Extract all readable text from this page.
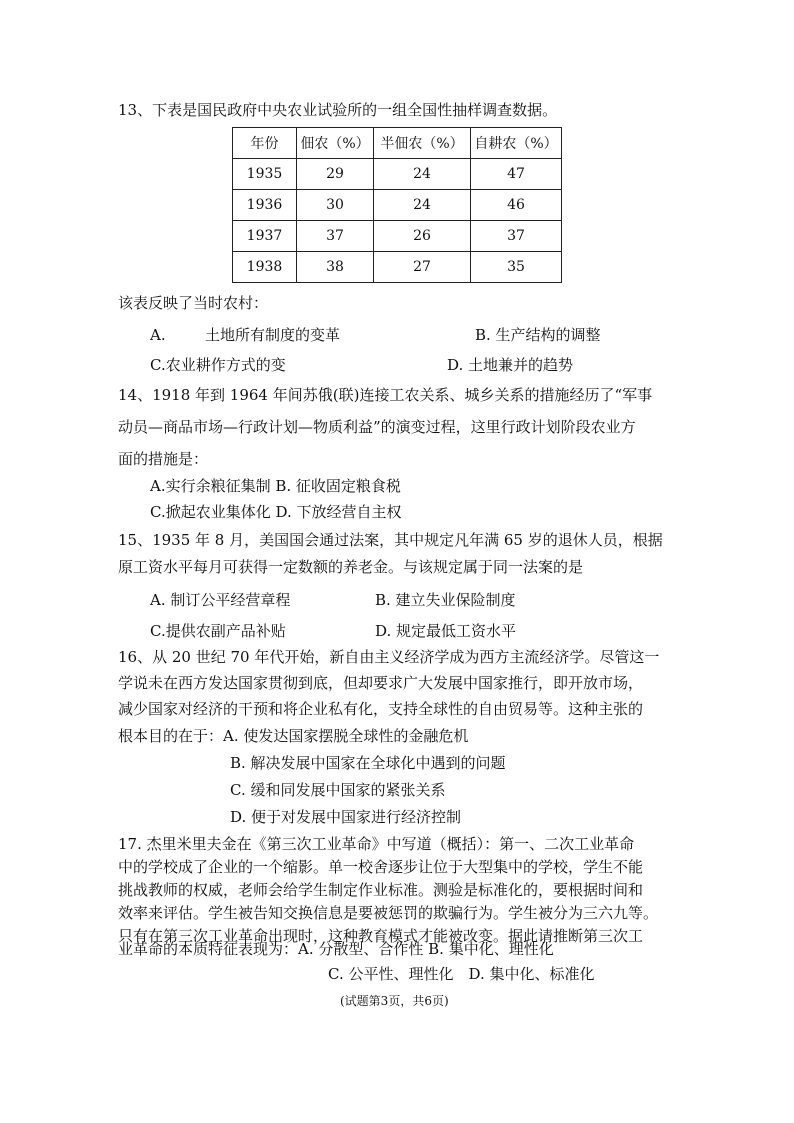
13、下表是国民政府中央农业试验所的一组全国性抽样调查数据。
年份	佃农（%）	半佃农（%）	自耕农（%）
1935	29	24	47
1936	30	24	46
1937	37	26	37
1938	38	27	35
该表反映了当时农村：
A.	土地所有制度的变革	B. 生产结构的调整
C.农业耕作方式的变	D. 土地兼并的趋势
14、1918 年到 1964 年间苏俄(联)连接工农关系、城乡关系的措施经历了“军事
动员—商品市场—行政计划—物质利益”的演变过程，这里行政计划阶段农业方
面的措施是：
A.实行余粮征集制 B. 征收固定粮食税
C.掀起农业集体化 D. 下放经营自主权
15、1935 年 8 月，美国国会通过法案，其中规定凡年满 65 岁的退休人员，根据
原工资水平每月可获得一定数额的养老金。与该规定属于同一法案的是
A. 制订公平经营章程	B. 建立失业保险制度
C.提供农副产品补贴	D. 规定最低工资水平
16、从 20 世纪 70 年代开始，新自由主义经济学成为西方主流经济学。尽管这一
学说未在西方发达国家贯彻到底，但却要求广大发展中国家推行，即开放市场，
减少国家对经济的干预和将企业私有化，支持全球性的自由贸易等。这种主张的
根本目的在于：A. 使发达国家摆脱全球性的金融危机
B. 解决发展中国家在全球化中遇到的问题
C. 缓和同发展中国家的紧张关系
D. 便于对发展中国家进行经济控制
17. 杰里米里夫金在《第三次工业革命》中写道（概括）：第一、二次工业革命
中的学校成了企业的一个缩影。单一校舍逐步让位于大型集中的学校，学生不能
挑战教师的权威，老师会给学生制定作业标准。测验是标准化的，要根据时间和
效率来评估。学生被告知交换信息是要被惩罚的欺骗行为。学生被分为三六九等。
只有在第三次工业革命出现时，这种教育模式才能被改变。据此请推断第三次工
业革命的本质特征表现为：A. 分散型、合作性 B. 集中化、理性化
C. 公平性、理性化　D. 集中化、标准化
(试题第3页，共6页)
